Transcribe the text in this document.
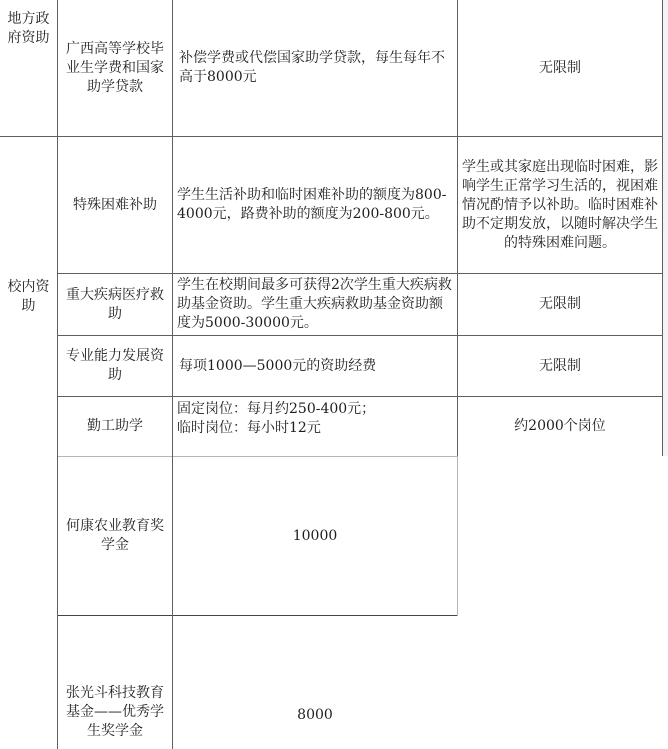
地方政府资助
广西高等学校毕业生学费和国家助学贷款
补偿学费或代偿国家助学贷款，每生每年不高于8000元
无限制
校内资助
特殊困难补助
学生生活补助和临时困难补助的额度为800-4000元，路费补助的额度为200-800元。
学生或其家庭出现临时困难，影响学生正常学习生活的，视困难情况酌情予以补助。临时困难补助不定期发放，以随时解决学生的特殊困难问题。
重大疾病医疗救助
学生在校期间最多可获得2次学生重大疾病救助基金资助。学生重大疾病救助基金资助额度为5000-30000元。
无限制
专业能力发展资助
每项1000—5000元的资助经费	无限制
勤工助学
固定岗位：每月约250-400元；
临时岗位：每小时12元	约2000个岗位
何康农业教育奖学金
10000
张光斗科技教育基金——优秀学生奖学金
8000
